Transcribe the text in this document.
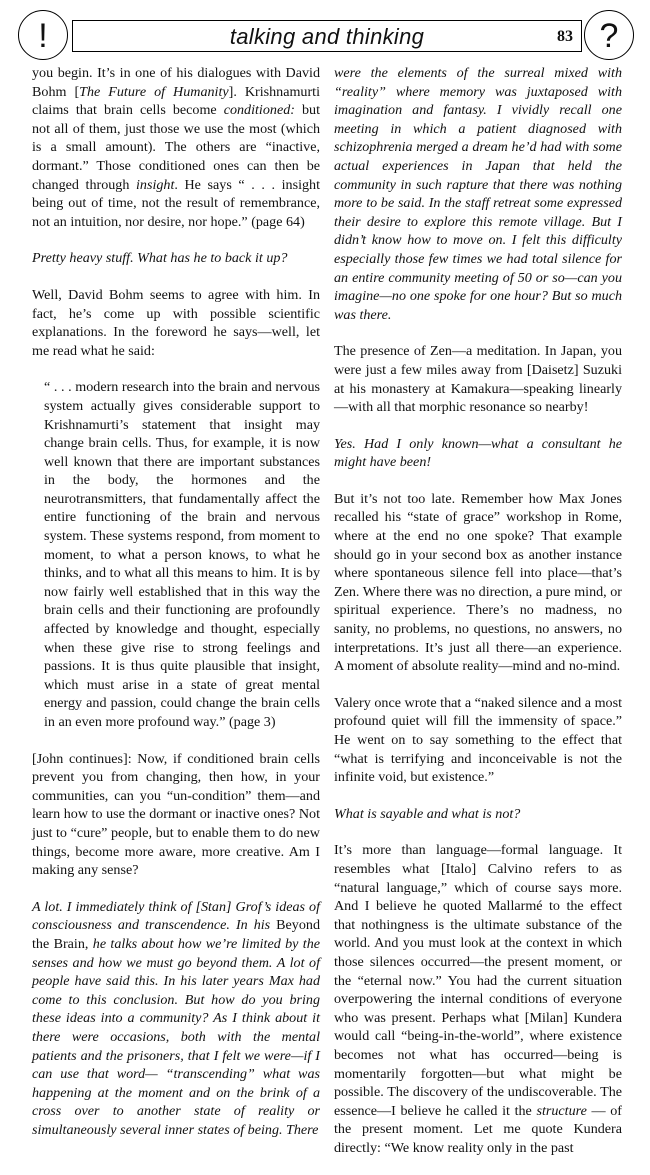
!	talking and thinking	83 ?

you begin. It’s in one of his dialogues with David Bohm [The Future of Humanity]. Krishnamurti claims that brain cells become conditioned: but not all of them, just those we use the most (which is a small amount). The others are “inactive, dormant.” Those conditioned ones can then be changed through insight. He says “ . . . insight being out of time, not the result of remembrance, not an intuition, nor desire, nor hope.” (page 64)

Pretty heavy stuff. What has he to back it up?

Well, David Bohm seems to agree with him. In fact, he’s come up with possible scientific explanations. In the foreword he says—well, let me read what he said:

“ . . . modern research into the brain and nervous system actually gives considerable support to Krishnamurti’s statement that insight may change brain cells. Thus, for example, it is now well known that there are important substances in the body, the hormones and the neurotransmitters, that fundamentally affect the entire functioning of the brain and nervous system. These systems respond, from moment to moment, to what a person knows, to what he thinks, and to what all this means to him. It is by now fairly well established that in this way the brain cells and their functioning are profoundly affected by knowledge and thought, especially when these give rise to strong feelings and passions. It is thus quite plausible that insight, which must arise in a state of great mental energy and passion, could change the brain cells in an even more profound way.” (page 3)

[John continues]: Now, if conditioned brain cells prevent you from changing, then how, in your communities, can you “un-condition” them—and learn how to use the dormant or inactive ones? Not just to “cure” people, but to enable them to do new things, become more aware, more creative. Am I making any sense?

A lot. I immediately think of [Stan] Grof’s ideas of consciousness and transcendence. In his Beyond the Brain, he talks about how we’re limited by the senses and how we must go beyond them. A lot of people have said this. In his later years Max had come to this conclusion. But how do you bring these ideas into a community? As I think about it there were occasions, both with the mental patients and the prisoners, that I felt we were—if I can use that word— “transcending” what was happening at the moment and on the brink of a cross over to another state of reality or simultaneously several inner states of being. There

were the elements of the surreal mixed with “reality” where memory was juxtaposed with imagination and fantasy. I vividly recall one meeting in which a patient diagnosed with schizophrenia merged a dream he’d had with some actual experiences in Japan that held the community in such rapture that there was nothing more to be said. In the staff retreat some expressed their desire to explore this remote village. But I didn’t know how to move on. I felt this difficulty especially those few times we had total silence for an entire community meeting of 50 or so—can you imagine—no one spoke for one hour? But so much was there.

The presence of Zen—a meditation. In Japan, you were just a few miles away from [Daisetz] Suzuki at his monastery at Kamakura—speaking linearly—with all that morphic resonance so nearby!

Yes. Had I only known—what a consultant he might have been!

But it’s not too late. Remember how Max Jones recalled his “state of grace” workshop in Rome, where at the end no one spoke? That example should go in your second box as another instance where spontaneous silence fell into place—that’s Zen. Where there was no direction, a pure mind, or spiritual experience. There’s no madness, no sanity, no problems, no questions, no answers, no interpretations. It’s just all there—an experience. A moment of absolute reality—mind and no-mind.

Valery once wrote that a “naked silence and a most profound quiet will fill the immensity of space.” He went on to say something to the effect that “what is terrifying and inconceivable is not the infinite void, but existence.”

What is sayable and what is not?

It’s more than language—formal language. It resembles what [Italo] Calvino refers to as “natural language,” which of course says more. And I believe he quoted Mallarmé to the effect that nothingness is the ultimate substance of the world. And you must look at the context in which those silences occurred—the present moment, or the “eternal now.” You had the current situation overpowering the internal conditions of everyone who was present. Perhaps what [Milan] Kundera would call “being-in-the-world”, where existence becomes not what has occurred—being is momentarily forgotten—but what might be possible. The discovery of the undiscoverable. The essence—I believe he called it the structure — of the present moment. Let me quote Kundera directly: “We know reality only in the past
